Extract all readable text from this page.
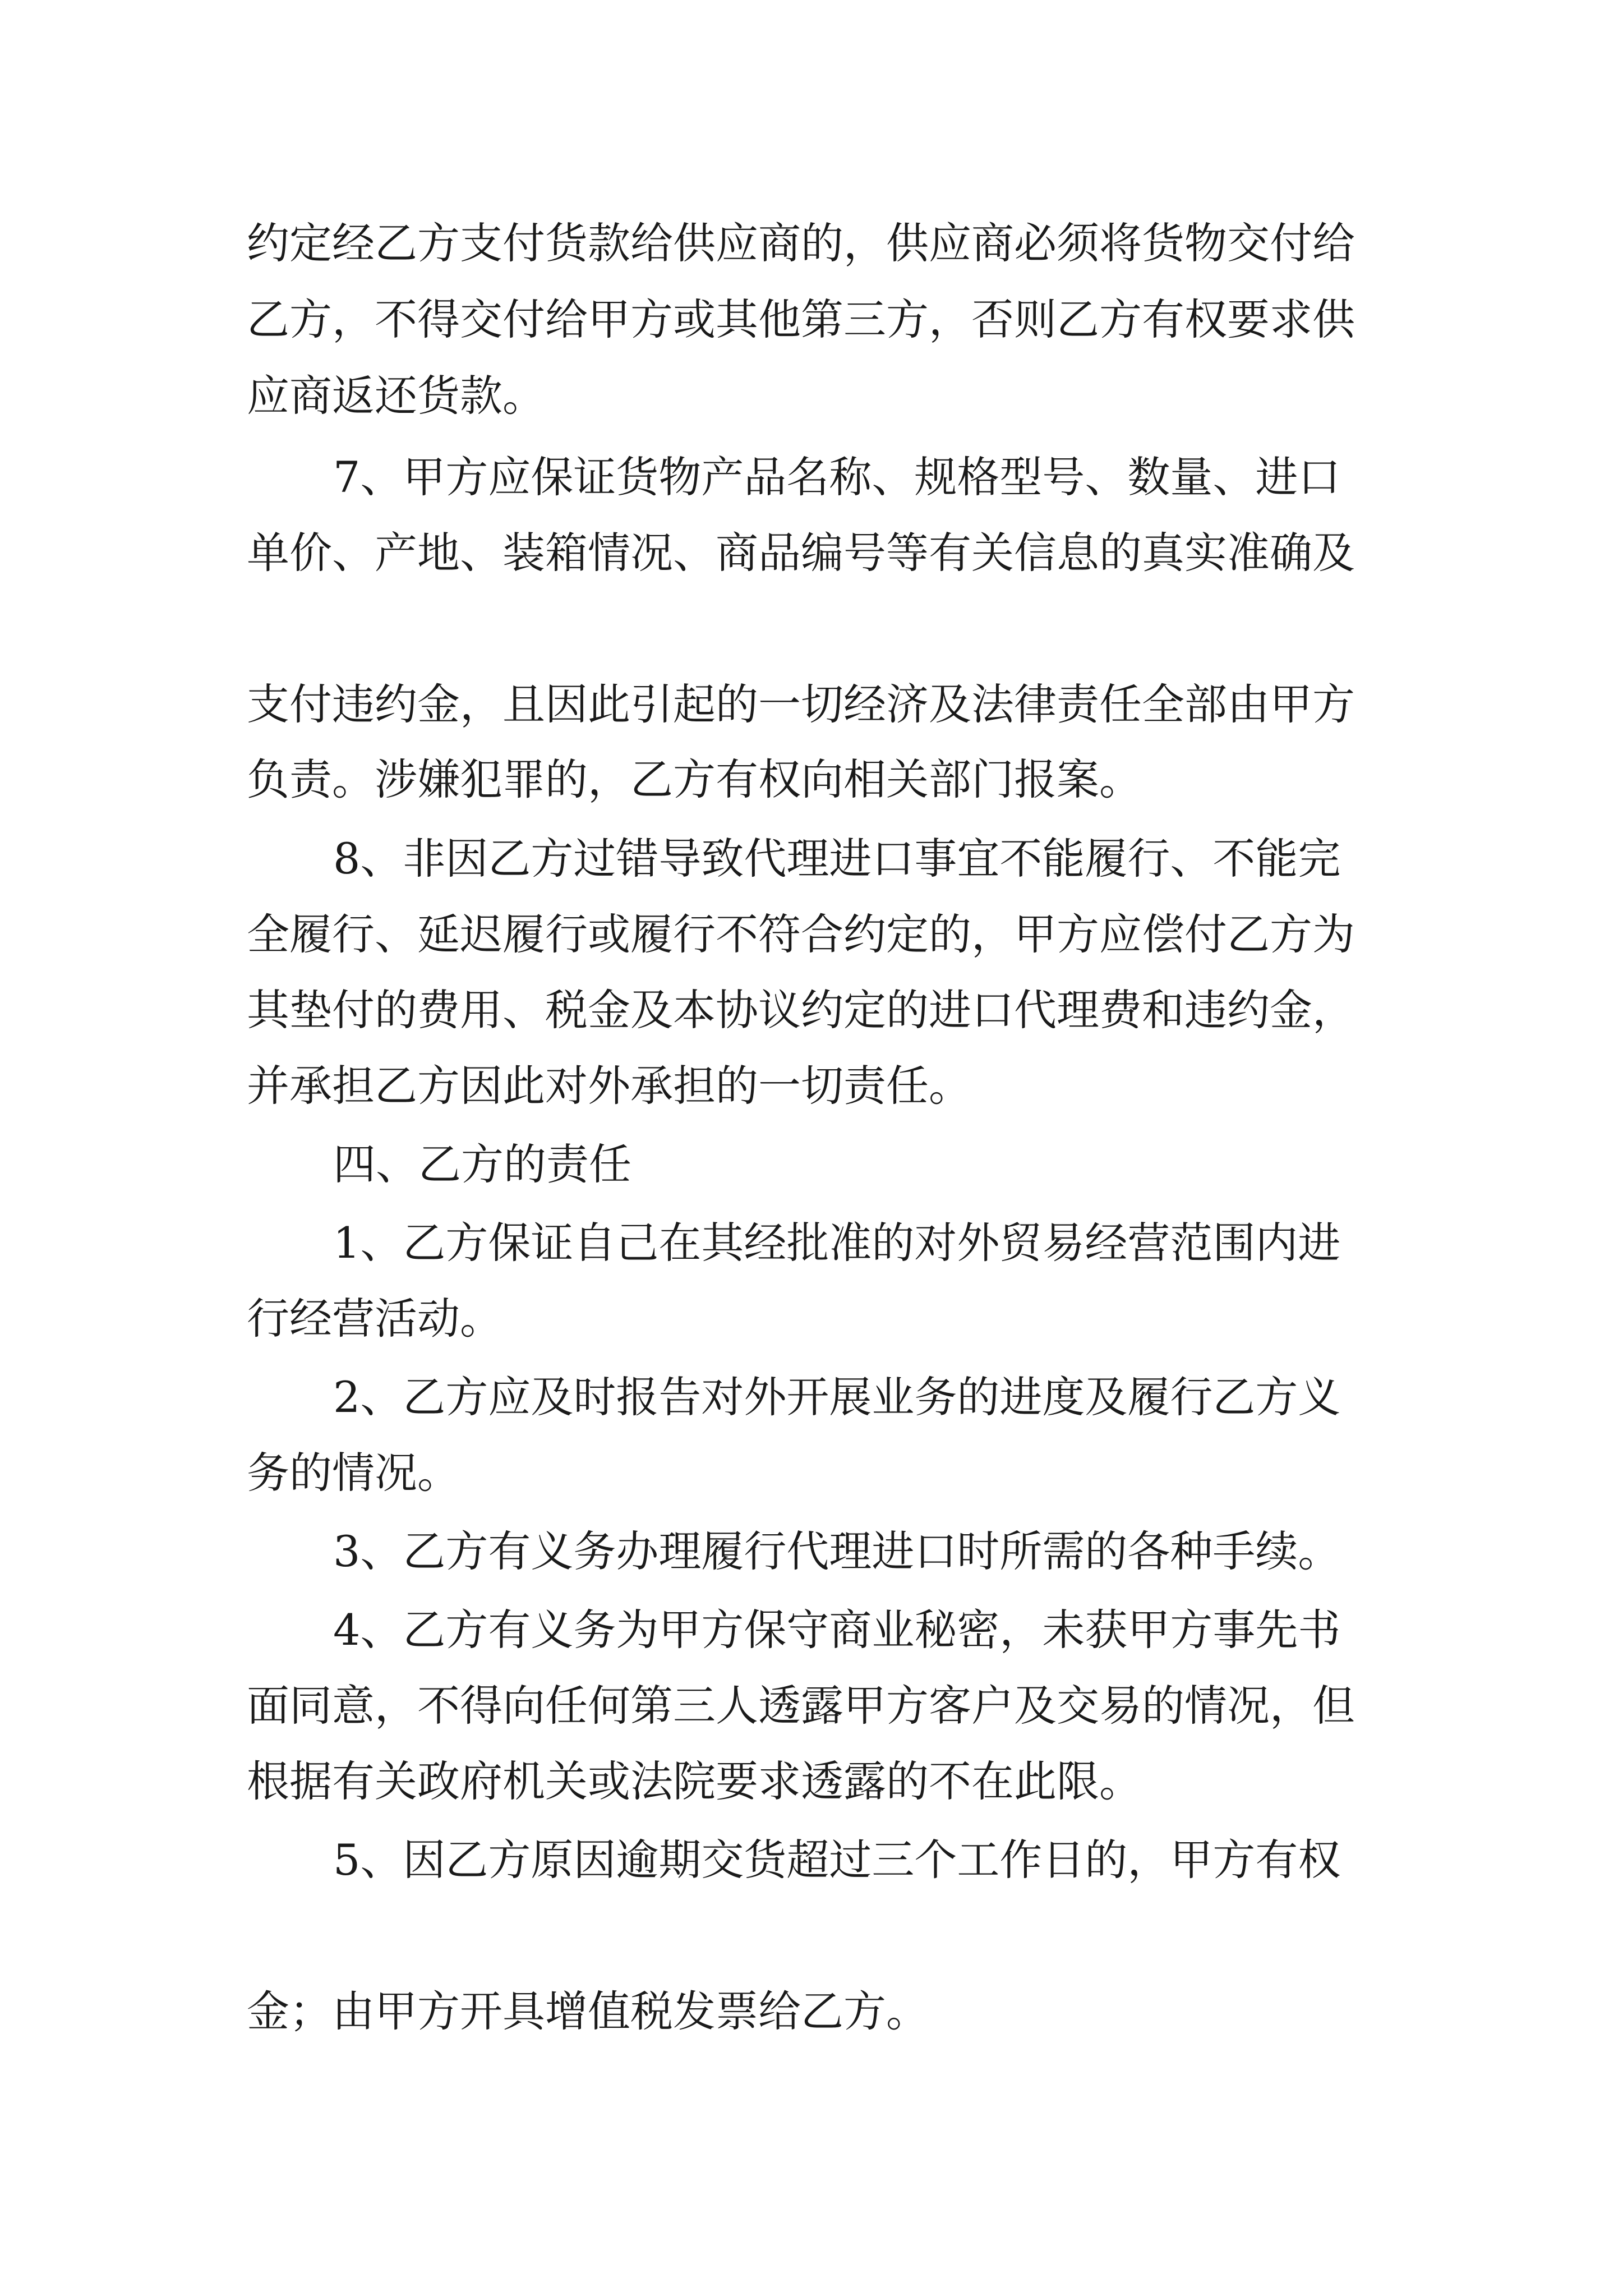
约定经乙方支付货款给供应商的，供应商必须将货物交付给
乙方，不得交付给甲方或其他第三方，否则乙方有权要求供
应商返还货款。
7、甲方应保证货物产品名称、规格型号、数量、进口
单价、产地、装箱情况、商品编号等有关信息的真实准确及

支付违约金，且因此引起的一切经济及法律责任全部由甲方
负责。涉嫌犯罪的，乙方有权向相关部门报案。
8、非因乙方过错导致代理进口事宜不能履行、不能完
全履行、延迟履行或履行不符合约定的，甲方应偿付乙方为
其垫付的费用、税金及本协议约定的进口代理费和违约金，
并承担乙方因此对外承担的一切责任。
四、乙方的责任
1、乙方保证自己在其经批准的对外贸易经营范围内进
行经营活动。
2、乙方应及时报告对外开展业务的进度及履行乙方义
务的情况。
3、乙方有义务办理履行代理进口时所需的各种手续。
4、乙方有义务为甲方保守商业秘密，未获甲方事先书
面同意，不得向任何第三人透露甲方客户及交易的情况，但
根据有关政府机关或法院要求透露的不在此限。
5、因乙方原因逾期交货超过三个工作日的，甲方有权

金；由甲方开具增值税发票给乙方。
